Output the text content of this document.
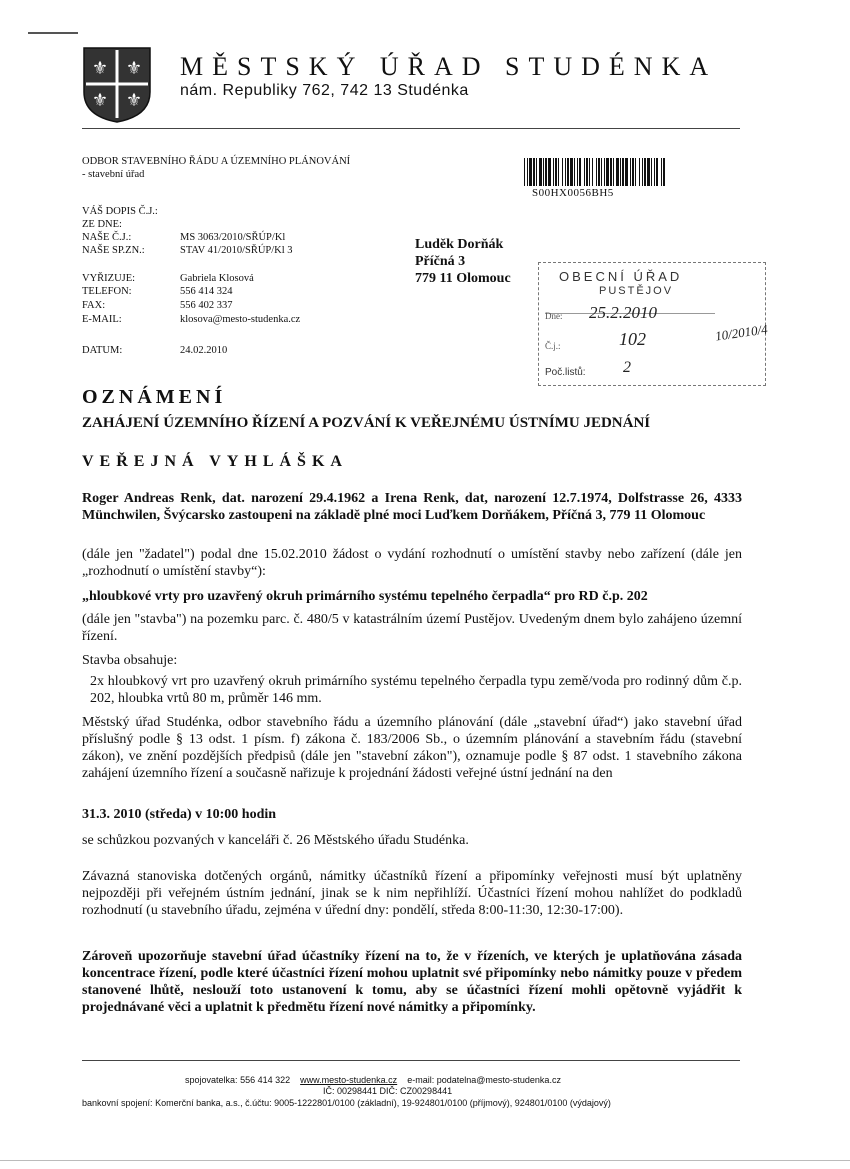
⚜ ⚜
⚜ ⚜
MĚSTSKÝ ÚŘAD STUDÉNKA
nám. Republiky 762, 742 13 Studénka
ODBOR STAVEBNÍHO ŘÁDU A ÚZEMNÍHO PLÁNOVÁNÍ
- stavební úřad
S00HX0056BH5
VÁŠ DOPIS Č.J.:
ZE DNE:
NAŠE Č.J.:	MS 3063/2010/SŘÚP/Kl
NAŠE SP.ZN.:	STAV 41/2010/SŘÚP/Kl 3
VYŘIZUJE:	Gabriela Klosová
TELEFON:	556 414 324
FAX:	556 402 337
E-MAIL:	klosova@mesto-studenka.cz
DATUM:	24.02.2010
Luděk Dorňák
Příčná 3
779 11 Olomouc	OBECNÍ ÚŘAD
PUSTĚJOV
Dne: 25.2.2010
Č.j.:	102
Poč.listů: 2
10/2010/4
OZNÁMENÍ
ZAHÁJENÍ ÚZEMNÍHO ŘÍZENÍ A POZVÁNÍ K VEŘEJNÉMU ÚSTNÍMU JEDNÁNÍ
VEŘEJNÁ VYHLÁŠKA
Roger Andreas Renk, dat. narození 29.4.1962 a Irena Renk, dat, narození 12.7.1974, Dolfstrasse 26, 4333 Münchwilen, Švýcarsko zastoupeni na základě plné moci Luďkem Dorňákem, Příčná 3, 779 11 Olomouc
(dále jen "žadatel") podal dne 15.02.2010 žádost o vydání rozhodnutí o umístění stavby nebo zařízení (dále jen „rozhodnutí o umístění stavby“):
„hloubkové vrty pro uzavřený okruh primárního systému tepelného čerpadla“ pro RD č.p. 202
(dále jen "stavba") na pozemku parc. č. 480/5 v katastrálním území Pustějov. Uvedeným dnem bylo zahájeno územní řízení.
Stavba obsahuje:
2x hloubkový vrt pro uzavřený okruh primárního systému tepelného čerpadla typu země/voda pro rodinný dům č.p. 202, hloubka vrtů 80 m, průměr 146 mm.
Městský úřad Studénka, odbor stavebního řádu a územního plánování (dále „stavební úřad“) jako stavební úřad příslušný podle § 13 odst. 1 písm. f) zákona č. 183/2006 Sb., o územním plánování a stavebním řádu (stavební zákon), ve znění pozdějších předpisů (dále jen "stavební zákon"), oznamuje podle § 87 odst. 1 stavebního zákona zahájení územního řízení a současně nařizuje k projednání žádosti veřejné ústní jednání na den
31.3. 2010 (středa) v 10:00 hodin
se schůzkou pozvaných v kanceláři č. 26 Městského úřadu Studénka.
Závazná stanoviska dotčených orgánů, námitky účastníků řízení a připomínky veřejnosti musí být uplatněny nejpozději při veřejném ústním jednání, jinak se k nim nepřihlíží. Účastníci řízení mohou nahlížet do podkladů rozhodnutí (u stavebního úřadu, zejména v úřední dny: pondělí, středa 8:00-11:30, 12:30-17:00).
Zároveň upozorňuje stavební úřad účastníky řízení na to, že v řízeních, ve kterých je uplatňována zásada koncentrace řízení, podle které účastníci řízení mohou uplatnit své připomínky nebo námitky pouze v předem stanovené lhůtě, neslouží toto ustanovení k tomu, aby se účastníci řízení mohli opětovně vyjádřit k projednávané věci a uplatnit k předmětu řízení nové námitky a připomínky.
spojovatelka: 556 414 322 www.mesto-studenka.cz e-mail: podatelna@mesto-studenka.cz
IČ: 00298441 DIČ: CZ00298441
bankovní spojení: Komerční banka, a.s., č.účtu: 9005-1222801/0100 (základní), 19-924801/0100 (příjmový), 924801/0100 (výdajový)
